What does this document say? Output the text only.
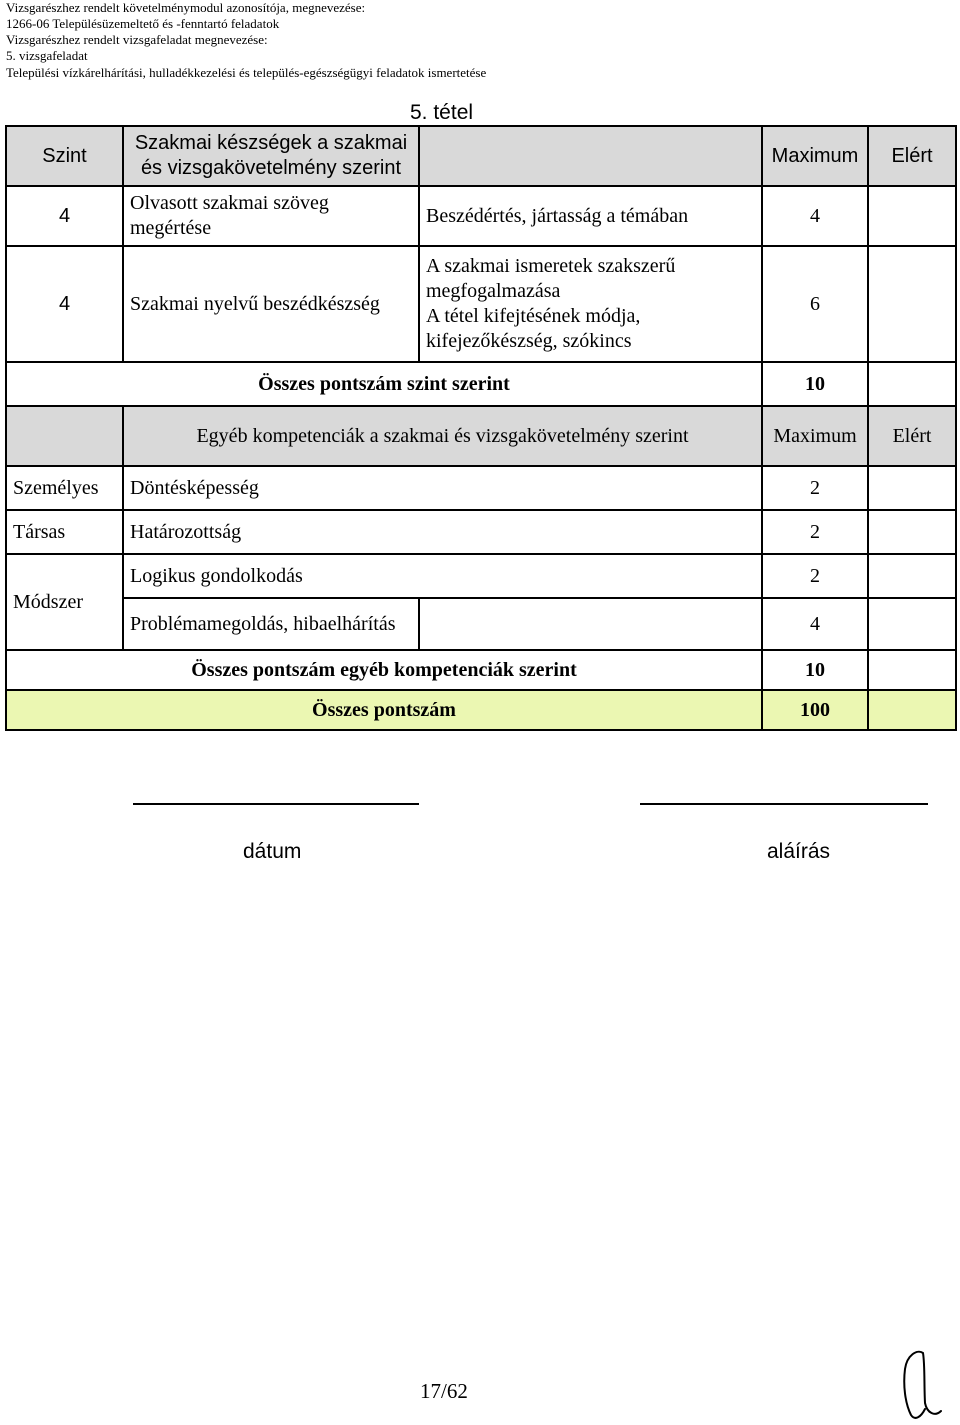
Vizsgarészhez rendelt követelménymodul azonosítója, megnevezése:
1266-06 Településüzemeltető és -fenntartó feladatok
Vizsgarészhez rendelt vizsgafeladat megnevezése:
5. vizsgafeladat
Települési vízkárelhárítási, hulladékkezelési és település-egészségügyi feladatok ismertetése
5. tétel
Szint	Szakmai készségek a szakmai és vizsgakövetelmény szerint		Maximum	Elért
4	Olvasott szakmai szöveg megértése	Beszédértés, jártasság a témában	4	
4	Szakmai nyelvű beszédkészség	A szakmai ismeretek szakszerű megfogalmazása
A tétel kifejtésének módja, kifejezőkészség, szókincs	6	
Összes pontszám szint szerint			10	
	Egyéb kompetenciák a szakmai és vizsgakövetelmény szerint		Maximum	Elért
Személyes	Döntésképesség		2	
Társas	Határozottság		2	
Módszer	Logikus gondolkodás		2	
	Problémamegoldás, hibaelhárítás		4	
Összes pontszám egyéb kompetenciák szerint			10	
Összes pontszám			100	
dátum	aláírás
17/62
